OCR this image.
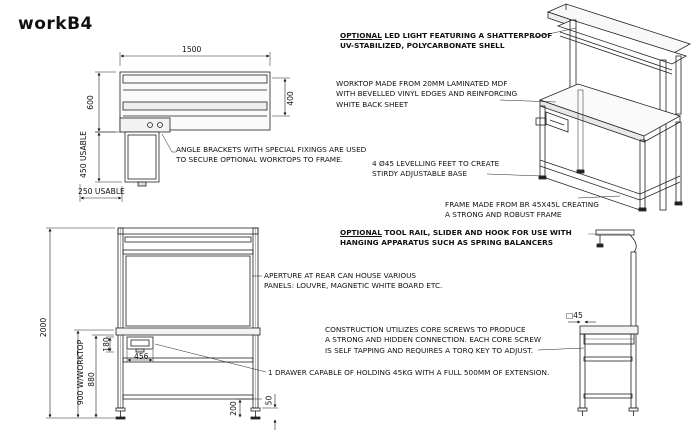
workB4
1500
600	400
450 USABLE
250 USABLE
2000
900 W/WORKTOP 880
180
456
200
50
□45
OPTIONAL LED LIGHT FEATURING A SHATTERPROOF
UV-STABILIZED, POLYCARBONATE SHELL
WORKTOP MADE FROM 20MM LAMINATED MDF
WITH BEVELLED VINYL EDGES AND REINFORCING
WHITE BACK SHEET
4 Ø45 LEVELLING FEET TO CREATE
STIRDY ADJUSTABLE BASE
FRAME MADE FROM BR 45X45L CREATING
A STRONG AND ROBUST FRAME
OPTIONAL TOOL RAIL, SLIDER AND HOOK FOR USE WITH
HANGING APPARATUS SUCH AS SPRING BALANCERS
ANGLE BRACKETS WITH SPECIAL FIXINGS ARE USED
TO SECURE OPTIONAL WORKTOPS TO FRAME.
APERTURE AT REAR CAN HOUSE VARIOUS
PANELS: LOUVRE, MAGNETIC WHITE BOARD ETC.
CONSTRUCTION UTILIZES CORE SCREWS TO PRODUCE
A STRONG AND HIDDEN CONNECTION. EACH CORE SCREW
IS SELF TAPPING AND REQUIRES A TORQ KEY TO ADJUST.
1 DRAWER CAPABLE OF HOLDING 45KG WITH A FULL 500MM OF EXTENSION.
